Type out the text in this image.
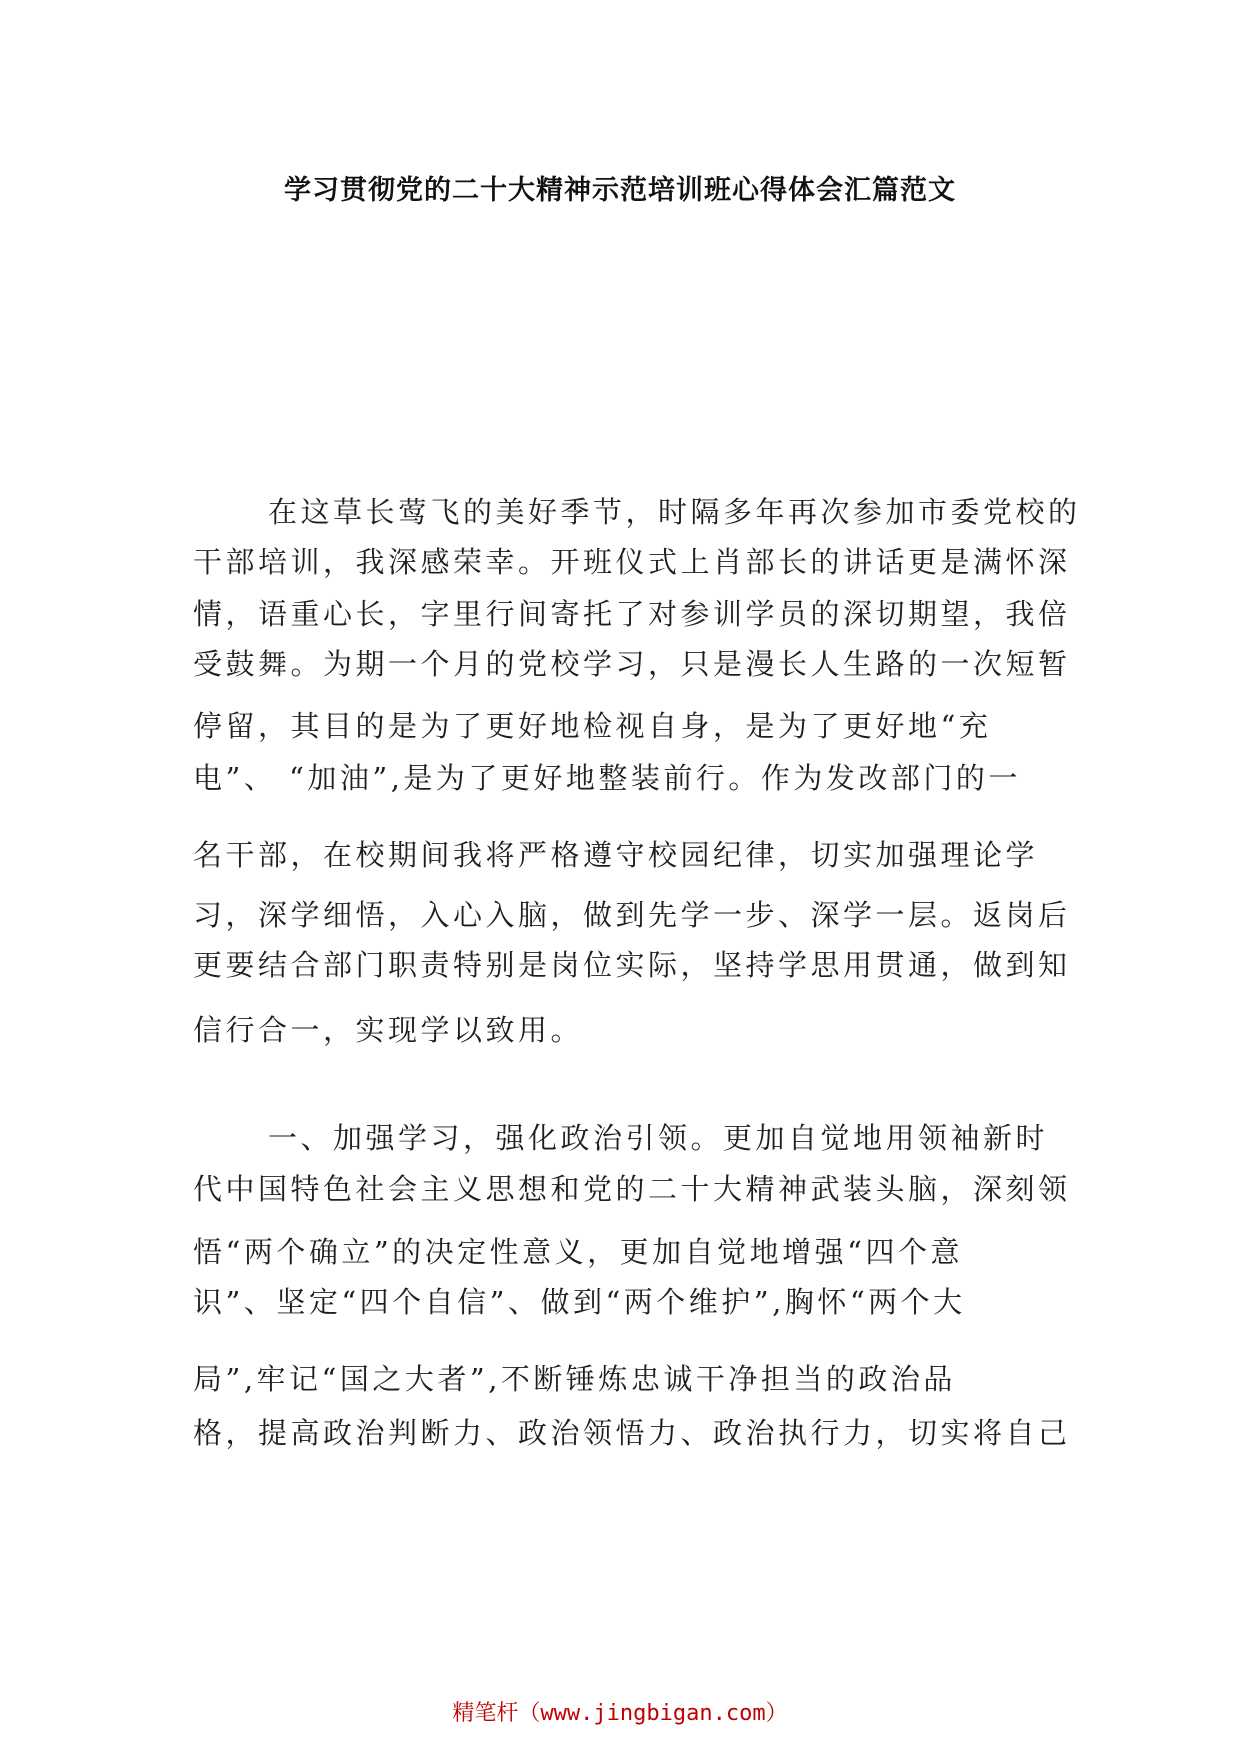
学习贯彻党的二十大精神示范培训班心得体会汇篇范文
在这草长莺飞的美好季节，时隔多年再次参加市委党校的
干部培训，我深感荣幸。开班仪式上肖部长的讲话更是满怀深
情，语重心长，字里行间寄托了对参训学员的深切期望，我倍
受鼓舞。为期一个月的党校学习，只是漫长人生路的一次短暂
停留，其目的是为了更好地检视自身，是为了更好地“充
电”、 “加油”,是为了更好地整装前行。作为发改部门的一
名干部，在校期间我将严格遵守校园纪律，切实加强理论学
习，深学细悟，入心入脑，做到先学一步、深学一层。返岗后
更要结合部门职责特别是岗位实际，坚持学思用贯通，做到知
信行合一，实现学以致用。
一、加强学习，强化政治引领。更加自觉地用领袖新时
代中国特色社会主义思想和党的二十大精神武装头脑，深刻领
悟“两个确立”的决定性意义，更加自觉地增强“四个意
识”、坚定“四个自信”、做到“两个维护”,胸怀“两个大
局”,牢记“国之大者”,不断锤炼忠诚干净担当的政治品
格，提高政治判断力、政治领悟力、政治执行力，切实将自己
精笔杆（www.jingbigan.com）
